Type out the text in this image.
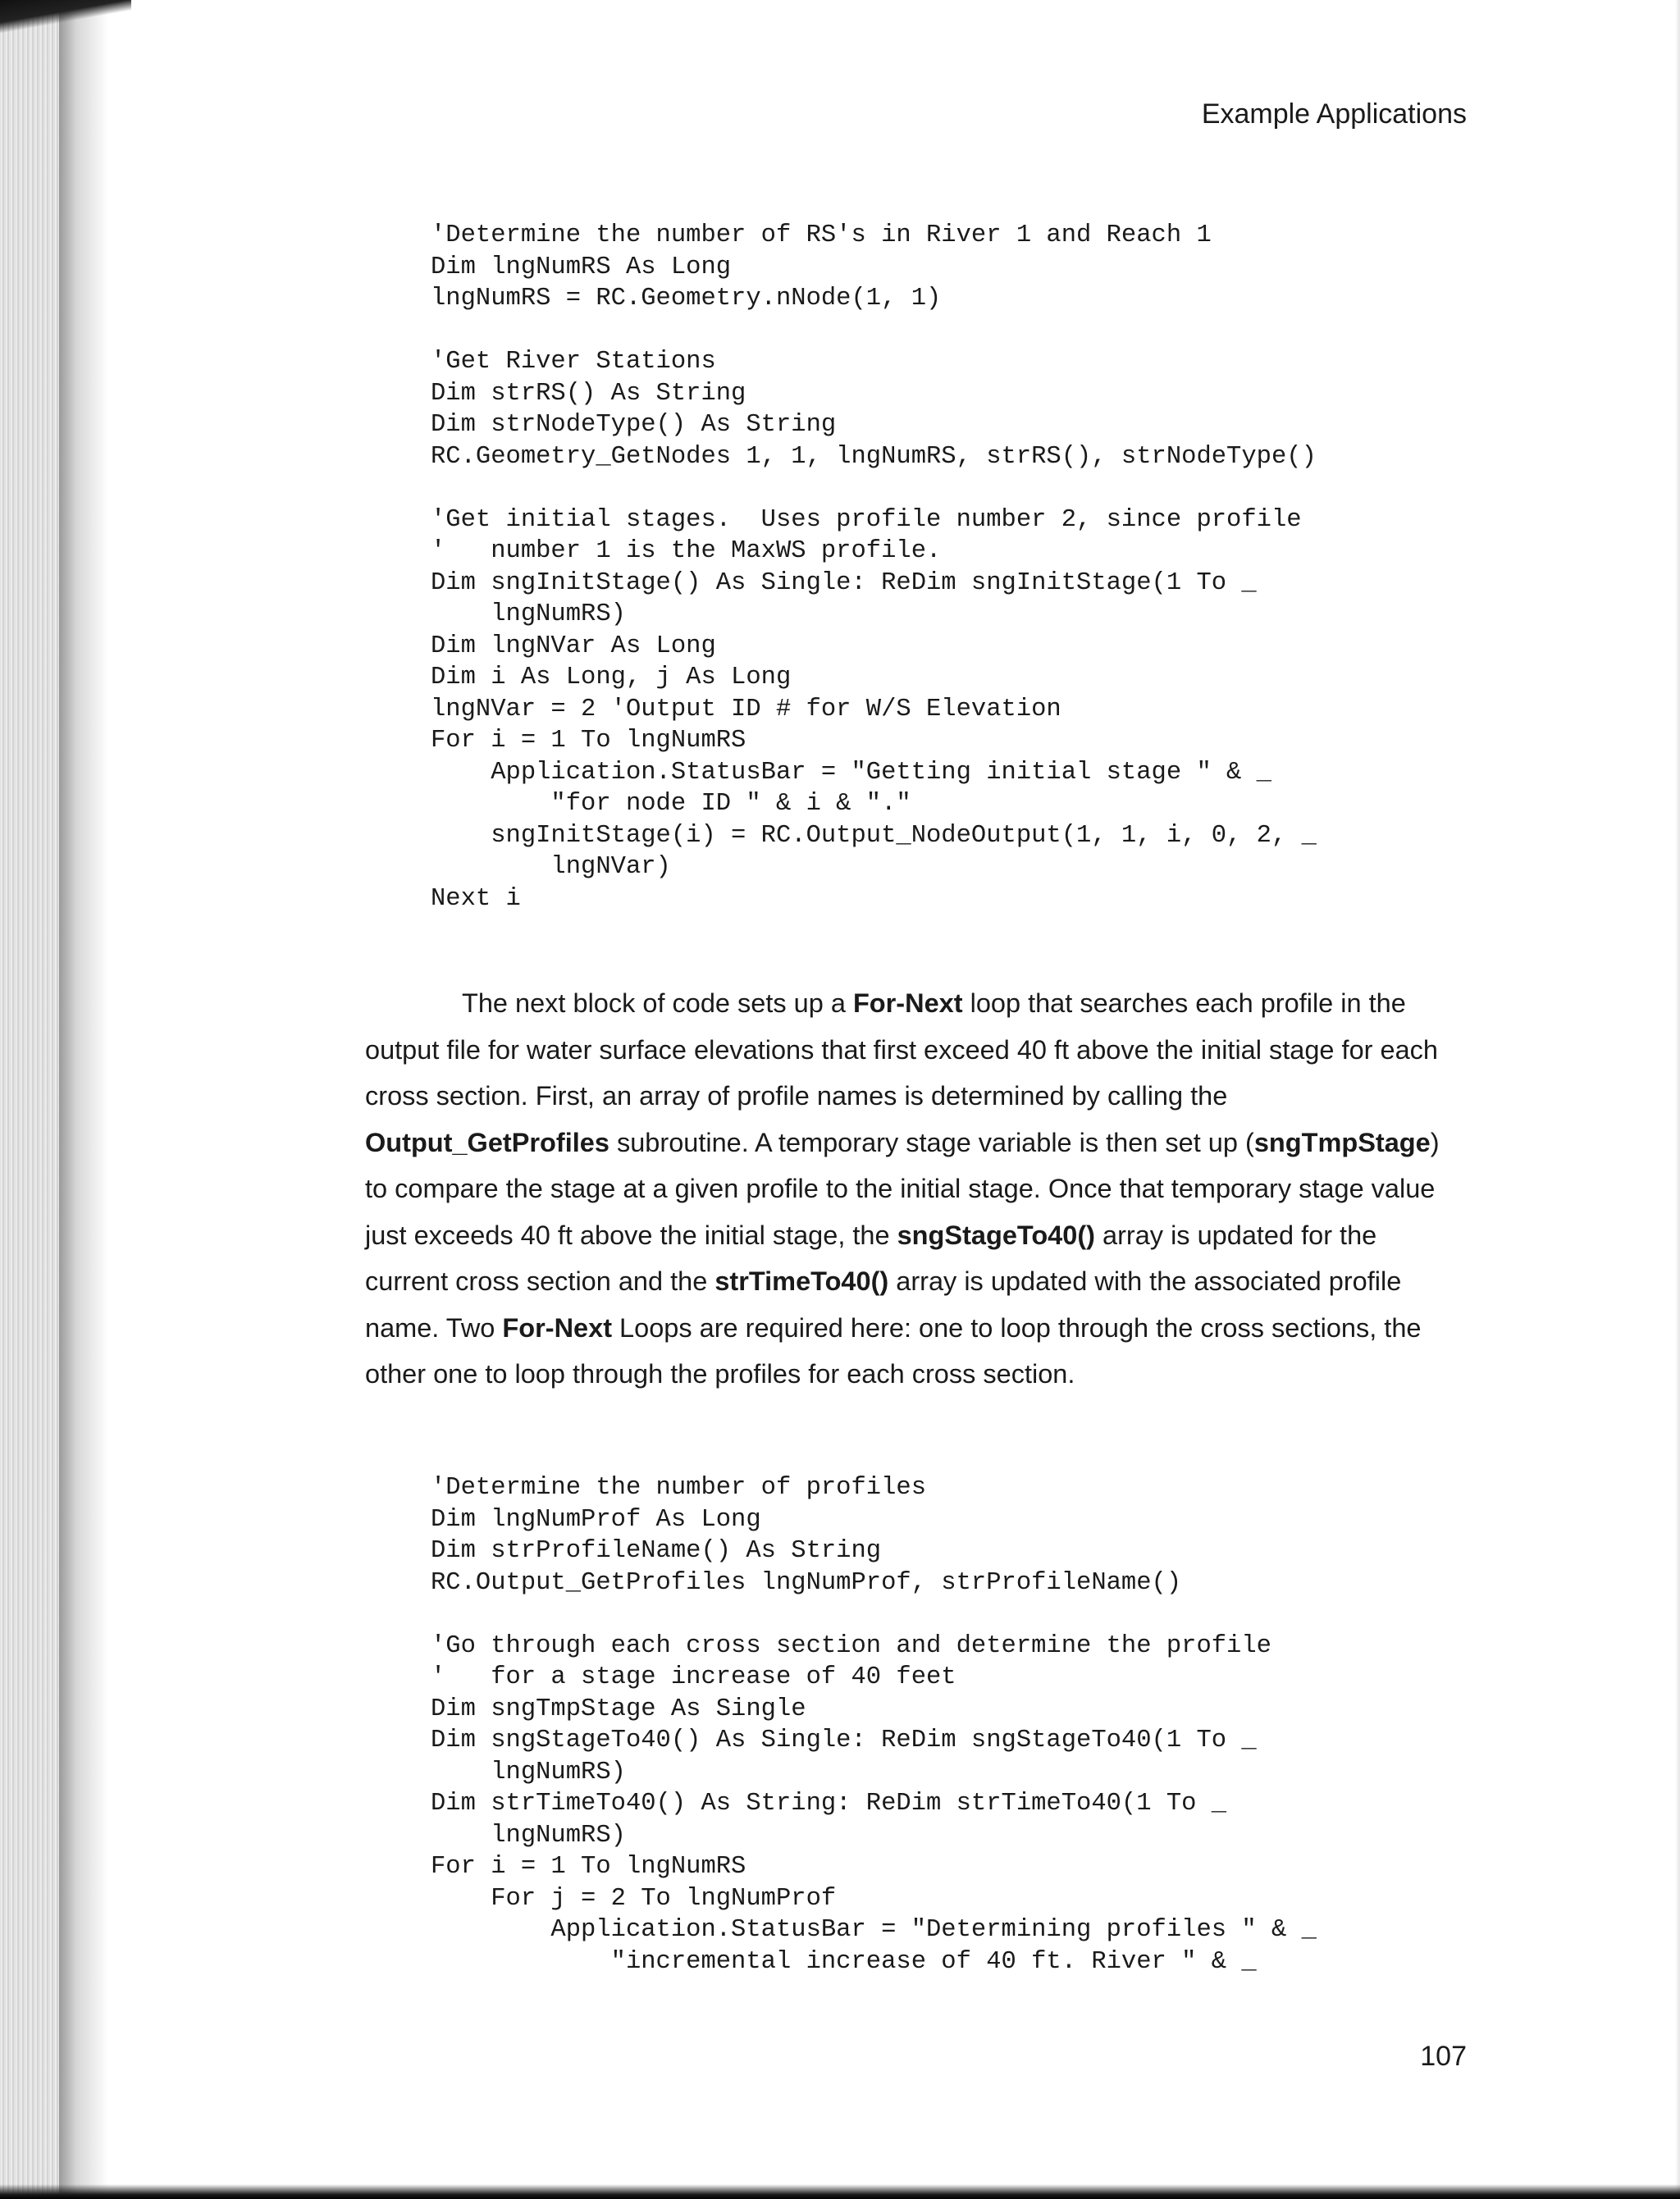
Example Applications
'Determine the number of RS's in River 1 and Reach 1
Dim lngNumRS As Long
lngNumRS = RC.Geometry.nNode(1, 1)
'Get River Stations
Dim strRS() As String
Dim strNodeType() As String
RC.Geometry_GetNodes 1, 1, lngNumRS, strRS(), strNodeType()
'Get initial stages.  Uses profile number 2, since profile
'   number 1 is the MaxWS profile.
Dim sngInitStage() As Single: ReDim sngInitStage(1 To _
lngNumRS)
Dim lngNVar As Long
Dim i As Long, j As Long
lngNVar = 2 'Output ID # for W/S Elevation
For i = 1 To lngNumRS
Application.StatusBar = "Getting initial stage " & _
"for node ID " & i & "."
sngInitStage(i) = RC.Output_NodeOutput(1, 1, i, 0, 2, _
lngNVar)
Next i

The next block of code sets up a For-Next loop that searches each profile in the output file for water surface elevations that first exceed 40 ft above the initial stage for each cross section. First, an array of profile names is determined by calling the Output_GetProfiles subroutine. A temporary stage variable is then set up (sngTmpStage) to compare the stage at a given profile to the initial stage. Once that temporary stage value just exceeds 40 ft above the initial stage, the sngStageTo40() array is updated for the current cross section and the strTimeTo40() array is updated with the associated profile name. Two For-Next Loops are required here: one to loop through the cross sections, the other one to loop through the profiles for each cross section.

'Determine the number of profiles
Dim lngNumProf As Long
Dim strProfileName() As String
RC.Output_GetProfiles lngNumProf, strProfileName()
'Go through each cross section and determine the profile
'   for a stage increase of 40 feet
Dim sngTmpStage As Single
Dim sngStageTo40() As Single: ReDim sngStageTo40(1 To _
lngNumRS)
Dim strTimeTo40() As String: ReDim strTimeTo40(1 To _
lngNumRS)
For i = 1 To lngNumRS
For j = 2 To lngNumProf
Application.StatusBar = "Determining profiles " & _
"incremental increase of 40 ft. River " & _
107
